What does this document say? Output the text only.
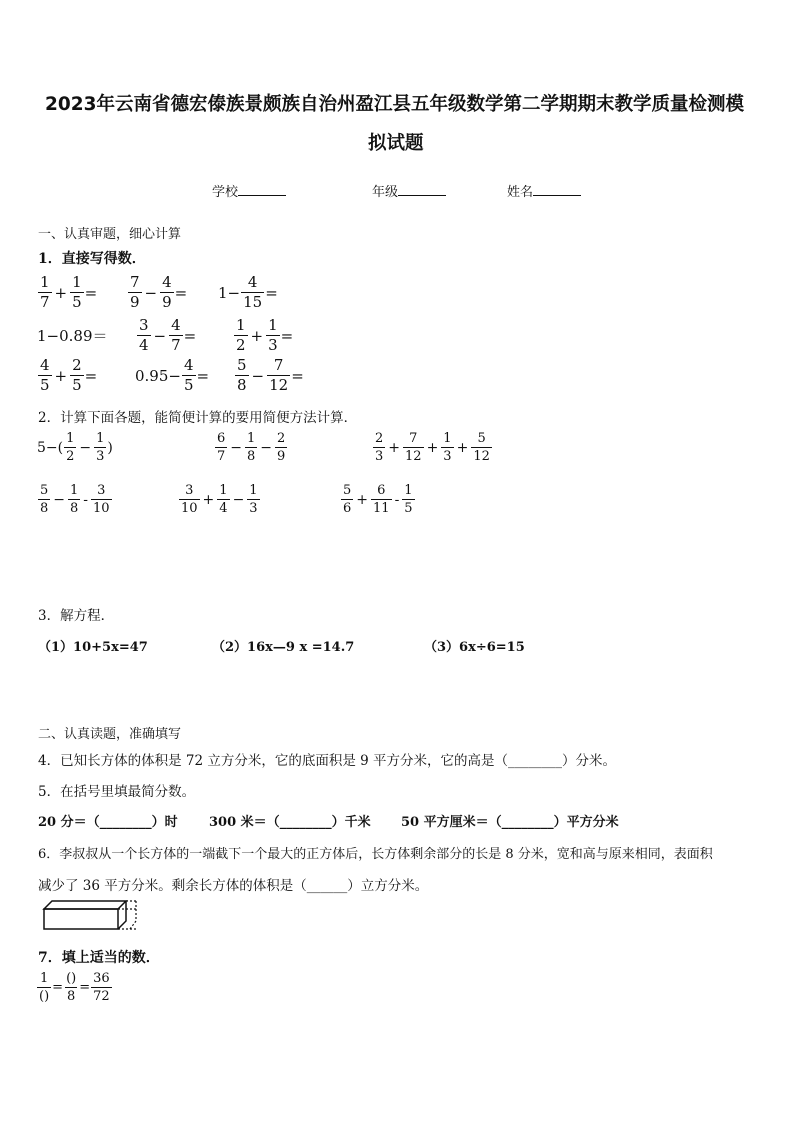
2023年云南省德宏傣族景颇族自治州盈江县五年级数学第二学期期末教学质量检测模
拟试题
学校	年级	姓名
一、认真审题，细心计算
1．直接写得数．
$\frac{1}{7} + \frac{1}{5} = \frac{7}{9} - \frac{4}{9} = 1- \frac{4}{15}$ =
$1-0.89= \frac{3}{4} - \frac{4}{7}$ =	$\frac{1}{2} + \frac{1}{3}$ =
$\frac{4}{5} + \frac{2}{5}$ =	$0.95- \frac{4}{5} = \frac{5}{8} - \frac{7}{12}$ =
2．计算下面各题，能简便计算的要用简便方法计算．
$5-( \frac{1}{2} - \frac{1}{3}$ )	$\frac{6}{7} - \frac{1}{8} - \frac{2}{9}$	$\frac{2}{3} + \frac{7}{12} + \frac{1}{3} + \frac{5}{12}$
$\frac{5}{8} - \frac{1}{8} - \frac{3}{10}$	$\frac{3}{10} + \frac{1}{4} - \frac{1}{3}$	$\frac{5}{6} + \frac{6}{11} - \frac{1}{5}$
3．解方程．
（1）10+5x=47	（2）16x—9 x =14.7	（3）6x÷6=15
二、认真读题，准确填写
4．已知长方体的体积是 72 立方分米，它的底面积是 9 平方分米，它的高是（________）分米。
5．在括号里填最简分数。
20 分＝（________）时 300 米＝（________）千米 50 平方厘米＝（________）平方分米
6．李叔叔从一个长方体的一端截下一个最大的正方体后，长方体剩余部分的长是 8 分米，宽和高与原来相同，表面积
减少了 36 平方分米。剩余长方体的体积是（______）立方分米。
7．填上适当的数．
$\frac{1}{()} = \frac{()}{8} = \frac{36}{72}$
